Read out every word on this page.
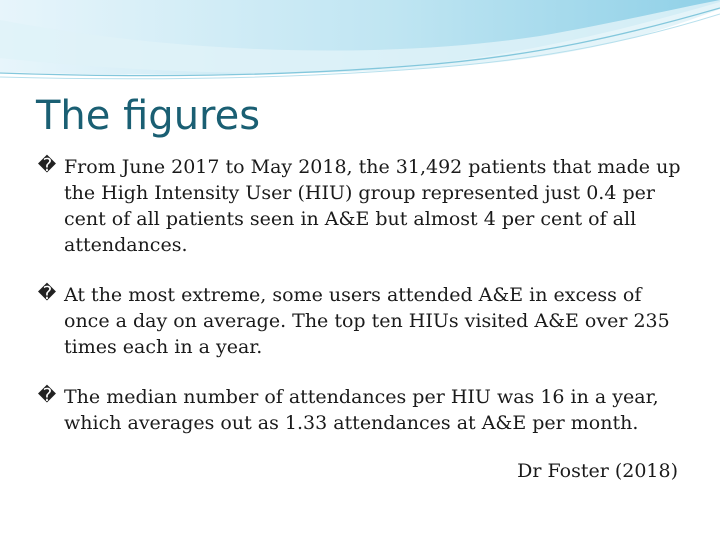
The figures
� From June 2017 to May 2018, the 31,492 patients that made up the High Intensity User (HIU) group represented just 0.4 per cent of all patients seen in A&E but almost 4 per cent of all attendances.
� At the most extreme, some users attended A&E in excess of once a day on average. The top ten HIUs visited A&E over 235 times each in a year.
� The median number of attendances per HIU was 16 in a year, which averages out as 1.33 attendances at A&E per month.

Dr Foster (2018)
